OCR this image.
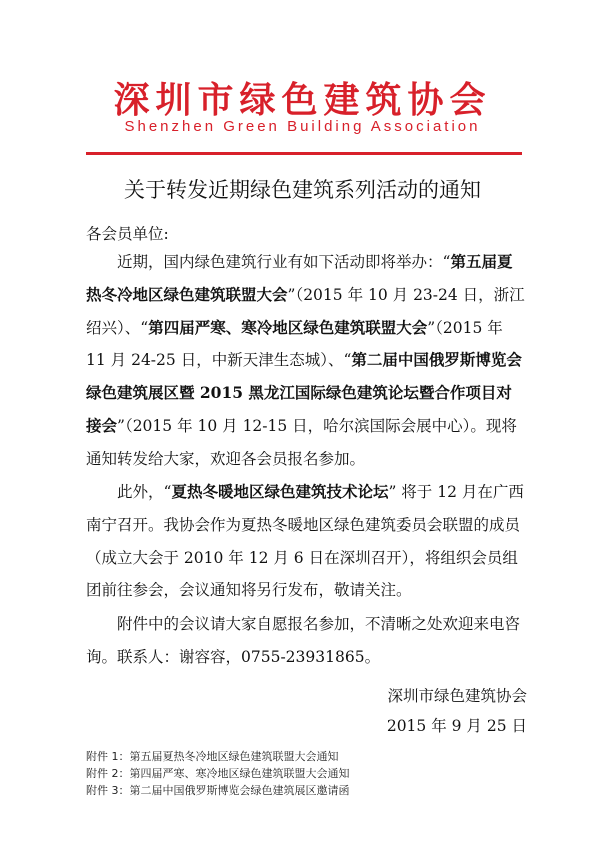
深圳市绿色建筑协会
Shenzhen Green Building Association
关于转发近期绿色建筑系列活动的通知
各会员单位:

近期，国内绿色建筑行业有如下活动即将举办：“第五届夏热冬冷地区绿色建筑联盟大会”（2015 年 10 月 23-24 日，浙江绍兴）、“第四届严寒、寒冷地区绿色建筑联盟大会”（2015 年 11 月 24-25 日，中新天津生态城）、“第二届中国俄罗斯博览会绿色建筑展区暨 2015 黑龙江国际绿色建筑论坛暨合作项目对接会”（2015 年 10 月 12-15 日，哈尔滨国际会展中心）。现将通知转发给大家，欢迎各会员报名参加。

此外，“夏热冬暖地区绿色建筑技术论坛” 将于 12 月在广西南宁召开。我协会作为夏热冬暖地区绿色建筑委员会联盟的成员（成立大会于 2010 年 12 月 6 日在深圳召开），将组织会员组团前往参会，会议通知将另行发布，敬请关注。

附件中的会议请大家自愿报名参加，不清晰之处欢迎来电咨询。联系人：谢容容，0755-23931865。

深圳市绿色建筑协会
2015 年 9 月 25 日
附件 1：第五届夏热冬冷地区绿色建筑联盟大会通知
附件 2：第四届严寒、寒冷地区绿色建筑联盟大会通知
附件 3：第二届中国俄罗斯博览会绿色建筑展区邀请函
